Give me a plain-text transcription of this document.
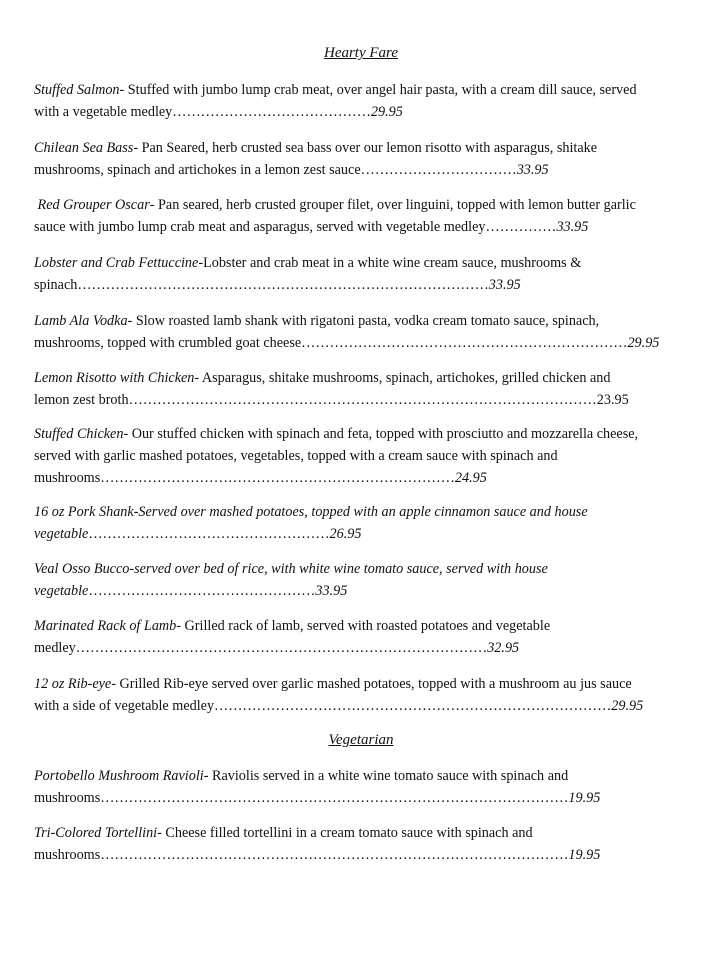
Hearty Fare
Stuffed Salmon- Stuffed with jumbo lump crab meat, over angel hair pasta, with a cream dill sauce, served
with a vegetable medley……………………………………29.95
Chilean Sea Bass- Pan Seared, herb crusted sea bass over our lemon risotto with asparagus, shitake
mushrooms, spinach and artichokes in a lemon zest sauce……………………………33.95
Red Grouper Oscar- Pan seared, herb crusted grouper filet, over linguini, topped with lemon butter garlic
sauce with jumbo lump crab meat and asparagus, served with vegetable medley……………33.95
Lobster and Crab Fettuccine-Lobster and crab meat in a white wine cream sauce, mushrooms &
spinach……………………………………………………………………………33.95
Lamb Ala Vodka- Slow roasted lamb shank with rigatoni pasta, vodka cream tomato sauce, spinach,
mushrooms, topped with crumbled goat cheese……………………………………………………………29.95
Lemon Risotto with Chicken- Asparagus, shitake mushrooms, spinach, artichokes, grilled chicken and
lemon zest broth………………………………………………………………………………………23.95
Stuffed Chicken- Our stuffed chicken with spinach and feta, topped with prosciutto and mozzarella cheese,
served with garlic mashed potatoes, vegetables, topped with a cream sauce with spinach and
mushrooms…………………………………………………………………24.95
16 oz Pork Shank-Served over mashed potatoes, topped with an apple cinnamon sauce and house
vegetable……………………………………………26.95
Veal Osso Bucco-served over bed of rice, with white wine tomato sauce, served with house
vegetable…………………………………………33.95
Marinated Rack of Lamb- Grilled rack of lamb, served with roasted potatoes and vegetable
medley……………………………………………………………………………32.95
12 oz Rib-eye- Grilled Rib-eye served over garlic mashed potatoes, topped with a mushroom au jus sauce
with a side of vegetable medley…………………………………………………………………………29.95
Vegetarian
Portobello Mushroom Ravioli- Raviolis served in a white wine tomato sauce with spinach and
mushrooms………………………………………………………………………………………19.95
Tri-Colored Tortellini- Cheese filled tortellini in a cream tomato sauce with spinach and
mushrooms………………………………………………………………………………………19.95
